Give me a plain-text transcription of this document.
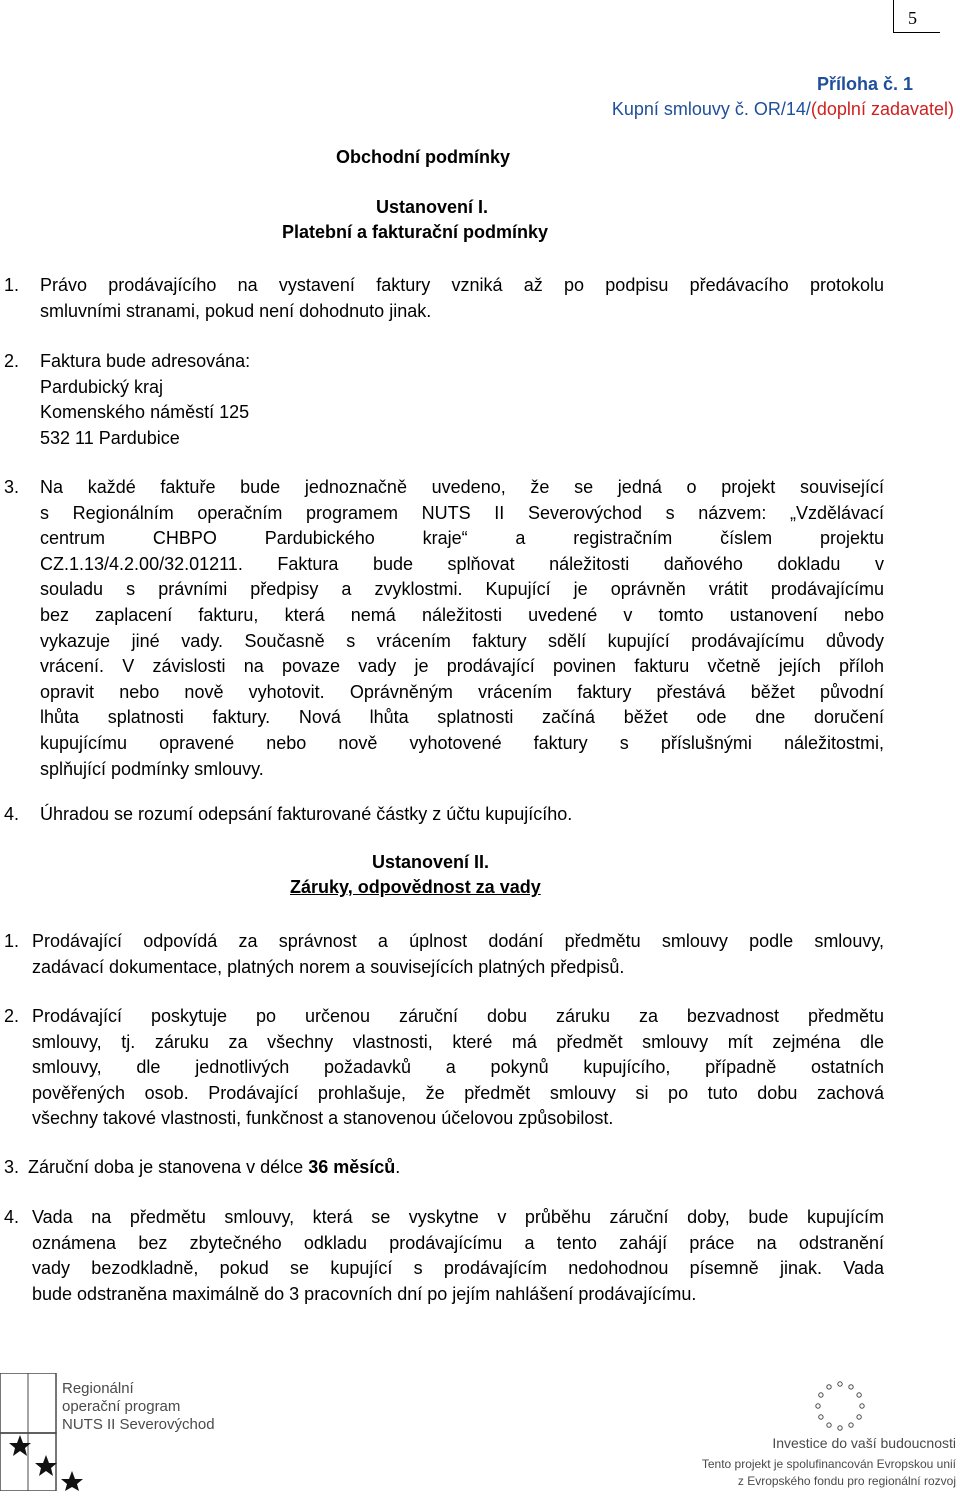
5
Příloha č. 1
Kupní smlouvy č. OR/14/(doplní zadavatel)
Obchodní podmínky
Ustanovení I.
Platební a fakturační podmínky
1. Právo prodávajícího na vystavení faktury vzniká až po podpisu předávacího protokolu
smluvními stranami, pokud není dohodnuto jinak.
2. Faktura bude adresována:
Pardubický kraj
Komenského náměstí 125
532 11 Pardubice
3. Na každé faktuře bude jednoznačně uvedeno, že se jedná o projekt související
s Regionálním operačním programem NUTS II Severovýchod s názvem: „Vzdělávací
centrum CHBPO Pardubického kraje“ a registračním číslem projektu
CZ.1.13/4.2.00/32.01211. Faktura bude splňovat náležitosti daňového dokladu v
souladu s právními předpisy a zvyklostmi. Kupující je oprávněn vrátit prodávajícímu
bez zaplacení fakturu, která nemá náležitosti uvedené v tomto ustanovení nebo
vykazuje jiné vady. Současně s vrácením faktury sdělí kupující prodávajícímu důvody
vrácení. V závislosti na povaze vady je prodávající povinen fakturu včetně jejích příloh
opravit nebo nově vyhotovit. Oprávněným vrácením faktury přestává běžet původní
lhůta splatnosti faktury. Nová lhůta splatnosti začíná běžet ode dne doručení
kupujícímu opravené nebo nově vyhotovené faktury s příslušnými náležitostmi,
splňující podmínky smlouvy.
4. Úhradou se rozumí odepsání fakturované částky z účtu kupujícího.
Ustanovení II.
Záruky, odpovědnost za vady
1. Prodávající odpovídá za správnost a úplnost dodání předmětu smlouvy podle smlouvy,
zadávací dokumentace, platných norem a souvisejících platných předpisů.
2. Prodávající poskytuje po určenou záruční dobu záruku za bezvadnost předmětu
smlouvy, tj. záruku za všechny vlastnosti, které má předmět smlouvy mít zejména dle
smlouvy, dle jednotlivých požadavků a pokynů kupujícího, případně ostatních
pověřených osob. Prodávající prohlašuje, že předmět smlouvy si po tuto dobu zachová
všechny takové vlastnosti, funkčnost a stanovenou účelovou způsobilost.
3. Záruční doba je stanovena v délce 36 měsíců.
4. Vada na předmětu smlouvy, která se vyskytne v průběhu záruční doby, bude kupujícím
oznámena bez zbytečného odkladu prodávajícímu a tento zahájí práce na odstranění
vady bezodkladně, pokud se kupující s prodávajícím nedohodnou písemně jinak. Vada
bude odstraněna maximálně do 3 pracovních dní po jejím nahlášení prodávajícímu.
Regionální
operační program
NUTS II Severovýchod
Investice do vaší budoucnosti
Tento projekt je spolufinancován Evropskou unií
z Evropského fondu pro regionální rozvoj
